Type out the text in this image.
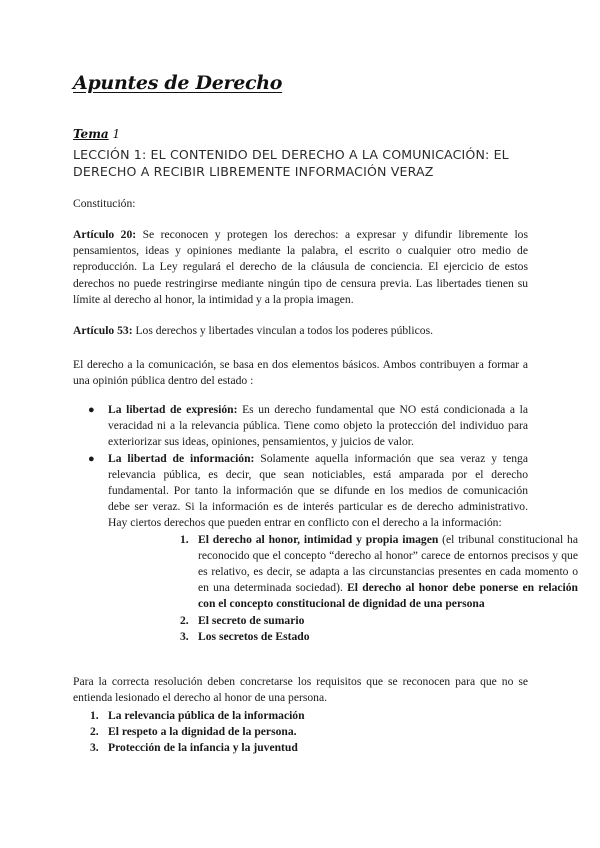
Apuntes de Derecho

Tema 1

LECCIÓN 1: EL CONTENIDO DEL DERECHO A LA COMUNICACIÓN: EL DERECHO A RECIBIR LIBREMENTE INFORMACIÓN VERAZ

Constitución:

Artículo 20: Se reconocen y protegen los derechos: a expresar y difundir libremente los pensamientos, ideas y opiniones mediante la palabra, el escrito o cualquier otro medio de reproducción. La Ley regulará el derecho de la cláusula de conciencia. El ejercicio de estos derechos no puede restringirse mediante ningún tipo de censura previa. Las libertades tienen su límite al derecho al honor, la intimidad y a la propia imagen.

Artículo 53: Los derechos y libertades vinculan a todos los poderes públicos.

El derecho a la comunicación, se basa en dos elementos básicos. Ambos contribuyen a formar a una opinión pública dentro del estado :

● La libertad de expresión: Es un derecho fundamental que NO está condicionada a la veracidad ni a la relevancia pública. Tiene como objeto la protección del individuo para exteriorizar sus ideas, opiniones, pensamientos, y juicios de valor.
● La libertad de información: Solamente aquella información que sea veraz y tenga relevancia pública, es decir, que sean noticiables, está amparada por el derecho fundamental. Por tanto la información que se difunde en los medios de comunicación debe ser veraz. Si la información es de interés particular es de derecho administrativo. Hay ciertos derechos que pueden entrar en conflicto con el derecho a la información:
1. El derecho al honor, intimidad y propia imagen (el tribunal constitucional ha reconocido que el concepto “derecho al honor” carece de entornos precisos y que es relativo, es decir, se adapta a las circunstancias presentes en cada momento o en una determinada sociedad). El derecho al honor debe ponerse en relación con el concepto constitucional de dignidad de una persona
2. El secreto de sumario
3. Los secretos de Estado

Para la correcta resolución deben concretarse los requisitos que se reconocen para que no se entienda lesionado el derecho al honor de una persona.

1. La relevancia pública de la información
2. El respeto a la dignidad de la persona.
3. Protección de la infancia y la juventud
